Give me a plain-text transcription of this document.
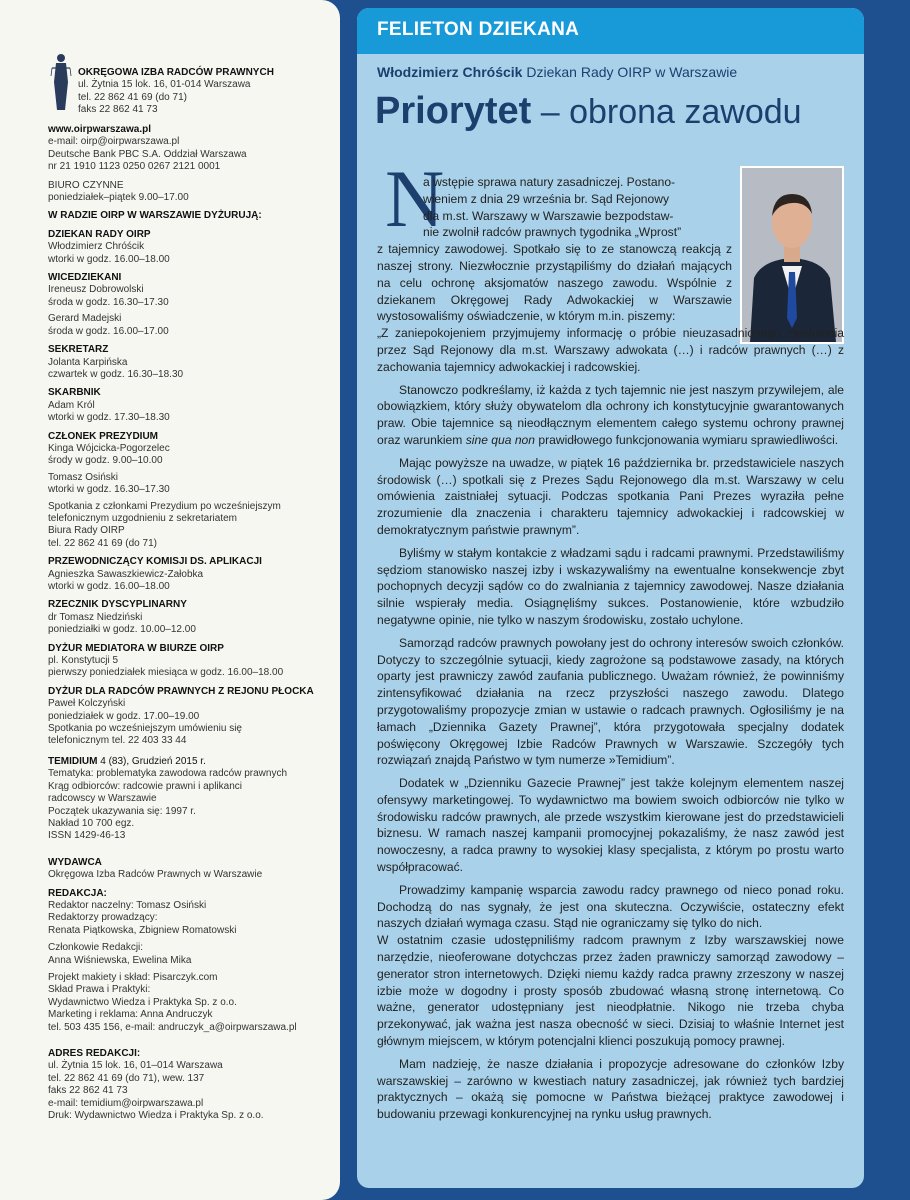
OKRĘGOWA IZBA RADCÓW PRAWNYCH
ul. Żytnia 15 lok. 16, 01-014 Warszawa
tel. 22 862 41 69 (do 71)
faks 22 862 41 73
www.oirpwarszawa.pl
e-mail: oirp@oirpwarszawa.pl
Deutsche Bank PBC S.A. Oddział Warszawa
nr 21 1910 1123 0250 0267 2121 0001
BIURO CZYNNE
poniedziałek–piątek 9.00–17.00
W RADZIE OIRP W WARSZAWIE DYŻURUJĄ:
DZIEKAN RADY OIRP
Włodzimierz Chróścik
wtorki w godz. 16.00–18.00
WICEDZIEKANI
Ireneusz Dobrowolski
środa w godz. 16.30–17.30
Gerard Madejski
środa w godz. 16.00–17.00
SEKRETARZ
Jolanta Karpińska
czwartek w godz. 16.30–18.30
SKARBNIK
Adam Król
wtorki w godz. 17.30–18.30
CZŁONEK PREZYDIUM
Kinga Wójcicka-Pogorzelec
środy w godz. 9.00–10.00
Tomasz Osiński
wtorki w godz. 16.30–17.30
Spotkania z członkami Prezydium po wcześniejszym
telefonicznym uzgodnieniu z sekretariatem
Biura Rady OIRP
tel. 22 862 41 69 (do 71)
PRZEWODNICZĄCY KOMISJI DS. APLIKACJI
Agnieszka Sawaszkiewicz-Załobka
wtorki w godz. 16.00–18.00
RZECZNIK DYSCYPLINARNY
dr Tomasz Niedziński
poniedziałki w godz. 10.00–12.00
DYŻUR MEDIATORA W BIURZE OIRP
pl. Konstytucji 5
pierwszy poniedziałek miesiąca w godz. 16.00–18.00
DYŻUR DLA RADCÓW PRAWNYCH Z REJONU PŁOCKA
Paweł Kolczyński
poniedziałek w godz. 17.00–19.00
Spotkania po wcześniejszym umówieniu się
telefonicznym tel. 22 403 33 44
TEMIDIUM 4 (83), Grudzień 2015 r.
Tematyka: problematyka zawodowa radców prawnych
Krąg odbiorców: radcowie prawni i aplikanci
radcowscy w Warszawie
Początek ukazywania się: 1997 r.
Nakład 10 700 egz.
ISSN 1429-46-13
WYDAWCA
Okręgowa Izba Radców Prawnych w Warszawie
REDAKCJA:
Redaktor naczelny: Tomasz Osiński
Redaktorzy prowadzący:
Renata Piątkowska, Zbigniew Romatowski
Członkowie Redakcji:
Anna Wiśniewska, Ewelina Mika
Projekt makiety i skład: Pisarczyk.com
Skład Prawa i Praktyki:
Wydawnictwo Wiedza i Praktyka Sp. z o.o.
Marketing i reklama: Anna Andruczyk
tel. 503 435 156, e-mail: andruczyk_a@oirpwarszawa.pl
ADRES REDAKCJI:
ul. Żytnia 15 lok. 16, 01–014 Warszawa
tel. 22 862 41 69 (do 71), wew. 137
faks 22 862 41 73
e-mail: temidium@oirpwarszawa.pl
Druk: Wydawnictwo Wiedza i Praktyka Sp. z o.o.
FELIETON DZIEKANA
Włodzimierz Chróścik Dziekan Rady OIRP w Warszawie
Priorytet – obrona zawodu
N
a wstępie sprawa natury zasadniczej. Postano-
wieniem z dnia 29 września br. Sąd Rejonowy
dla m.st. Warszawy w Warszawie bezpodstaw-
nie zwolnił radców prawnych tygodnika „Wprost”

z tajemnicy zawodowej. Spotkało się to ze stanowczą reakcją z naszej strony. Niezwłocznie przystąpiliśmy do działań mających na celu ochronę aksjomatów naszego zawodu. Wspólnie z dziekanem Okręgowej Rady Adwokackiej w Warszawie wystosowaliśmy oświadczenie, w którym m.in. piszemy:

„Z zaniepokojeniem przyjmujemy informację o próbie nieuzasadnionego zwolnienia przez Sąd Rejonowy dla m.st. Warszawy adwokata (…) i radców prawnych (…) z zachowania tajemnicy adwokackiej i radcowskiej.

Stanowczo podkreślamy, iż każda z tych tajemnic nie jest naszym przywilejem, ale obowiązkiem, który służy obywatelom dla ochrony ich konstytucyjnie gwarantowanych praw. Obie tajemnice są nieodłącznym elementem całego systemu ochrony prawnej oraz warunkiem sine qua non prawidłowego funkcjonowania wymiaru sprawiedliwości.

Mając powyższe na uwadze, w piątek 16 października br. przedstawiciele naszych środowisk (…) spotkali się z Prezes Sądu Rejonowego dla m.st. Warszawy w celu omówienia zaistniałej sytuacji. Podczas spotkania Pani Prezes wyraziła pełne zrozumienie dla znaczenia i charakteru tajemnicy adwokackiej i radcowskiej w demokratycznym państwie prawnym”.

Byliśmy w stałym kontakcie z władzami sądu i radcami prawnymi. Przedstawiliśmy sędziom stanowisko naszej izby i wskazywaliśmy na ewentualne konsekwencje zbyt pochopnych decyzji sądów co do zwalniania z tajemnicy zawodowej. Nasze działania silnie wspierały media. Osiągnęliśmy sukces. Postanowienie, które wzbudziło negatywne opinie, nie tylko w naszym środowisku, zostało uchylone.

Samorząd radców prawnych powołany jest do ochrony interesów swoich członków. Dotyczy to szczególnie sytuacji, kiedy zagrożone są podstawowe zasady, na których oparty jest prawniczy zawód zaufania publicznego. Uważam również, że powinniśmy zintensyfikować działania na rzecz przyszłości naszego zawodu. Dlatego przygotowaliśmy propozycje zmian w ustawie o radcach prawnych. Ogłosiliśmy je na łamach „Dziennika Gazety Prawnej”, która przygotowała specjalny dodatek poświęcony Okręgowej Izbie Radców Prawnych w Warszawie. Szczegóły tych rozwiązań znajdą Państwo w tym numerze »Temidium”.

Dodatek w „Dzienniku Gazecie Prawnej” jest także kolejnym elementem naszej ofensywy marketingowej. To wydawnictwo ma bowiem swoich odbiorców nie tylko w środowisku radców prawnych, ale przede wszystkim kierowane jest do przedstawicieli biznesu. W ramach naszej kampanii promocyjnej pokazaliśmy, że nasz zawód jest nowoczesny, a radca prawny to wysokiej klasy specjalista, z którym po prostu warto współpracować.

Prowadzimy kampanię wsparcia zawodu radcy prawnego od nieco ponad roku. Dochodzą do nas sygnały, że jest ona skuteczna. Oczywiście, ostateczny efekt naszych działań wymaga czasu. Stąd nie ograniczamy się tylko do nich.

W ostatnim czasie udostępniliśmy radcom prawnym z Izby warszawskiej nowe narzędzie, nieoferowane dotychczas przez żaden prawniczy samorząd zawodowy – generator stron internetowych. Dzięki niemu każdy radca prawny zrzeszony w naszej izbie może w dogodny i prosty sposób zbudować własną stronę internetową. Co ważne, generator udostępniany jest nieodpłatnie. Nikogo nie trzeba chyba przekonywać, jak ważna jest nasza obecność w sieci. Dzisiaj to właśnie Internet jest głównym miejscem, w którym potencjalni klienci poszukują pomocy prawnej.

Mam nadzieję, że nasze działania i propozycje adresowane do członków Izby warszawskiej – zarówno w kwestiach natury zasadniczej, jak również tych bardziej praktycznych – okażą się pomocne w Państwa bieżącej praktyce zawodowej i budowaniu przewagi konkurencyjnej na rynku usług prawnych.
